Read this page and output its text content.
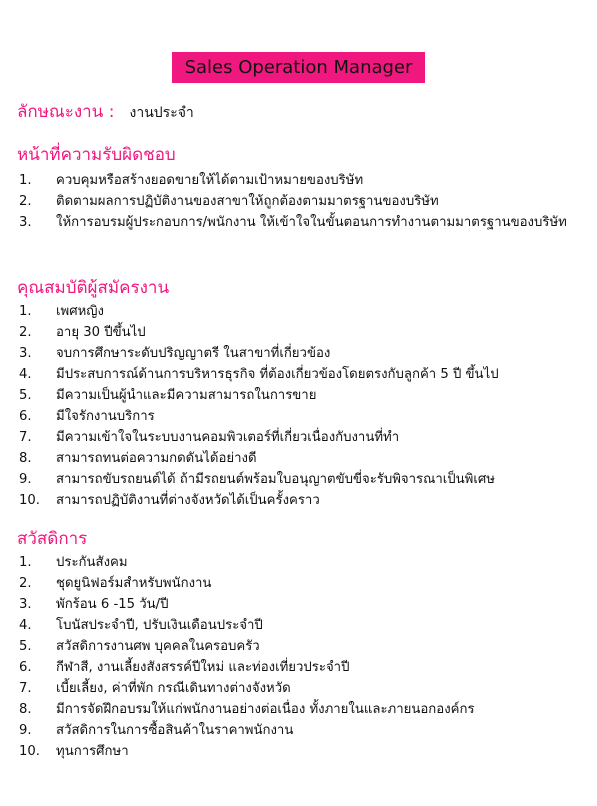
Sales Operation Manager
ลักษณะงาน : งานประจำ
หน้าที่ความรับผิดชอบ
1. ควบคุมหรือสร้างยอดขายให้ได้ตามเป้าหมายของบริษัท
2. ติดตามผลการปฏิบัติงานของสาขาให้ถูกต้องตามมาตรฐานของบริษัท
3. ให้การอบรมผู้ประกอบการ/พนักงาน ให้เข้าใจในขั้นตอนการทำงานตามมาตรฐานของบริษัท
คุณสมบัติผู้สมัครงาน
1. เพศหญิง
2. อายุ 30 ปีขึ้นไป
3. จบการศึกษาระดับปริญญาตรี ในสาขาที่เกี่ยวข้อง
4. มีประสบการณ์ด้านการบริหารธุรกิจ ที่ต้องเกี่ยวข้องโดยตรงกับลูกค้า 5 ปี ขึ้นไป
5. มีความเป็นผู้นำและมีความสามารถในการขาย
6. มีใจรักงานบริการ
7. มีความเข้าใจในระบบงานคอมพิวเตอร์ที่เกี่ยวเนื่องกับงานที่ทำ
8. สามารถทนต่อความกดดันได้อย่างดี
9. สามารถขับรถยนต์ได้ ถ้ามีรถยนต์พร้อมใบอนุญาตขับขี่จะรับพิจารณาเป็นพิเศษ
10. สามารถปฏิบัติงานที่ต่างจังหวัดได้เป็นครั้งคราว
สวัสดิการ
1. ประกันสังคม
2. ชุดยูนิฟอร์มสำหรับพนักงาน
3. พักร้อน 6 -15 วัน/ปี
4. โบนัสประจำปี, ปรับเงินเดือนประจำปี
5. สวัสดิการงานศพ บุคคลในครอบครัว
6. กีฬาสี, งานเลี้ยงสังสรรค์ปีใหม่ และท่องเที่ยวประจำปี
7. เบี้ยเลี้ยง, ค่าที่พัก กรณีเดินทางต่างจังหวัด
8. มีการจัดฝึกอบรมให้แก่พนักงานอย่างต่อเนื่อง ทั้งภายในและภายนอกองค์กร
9. สวัสดิการในการซื้อสินค้าในราคาพนักงาน
10. ทุนการศึกษา
